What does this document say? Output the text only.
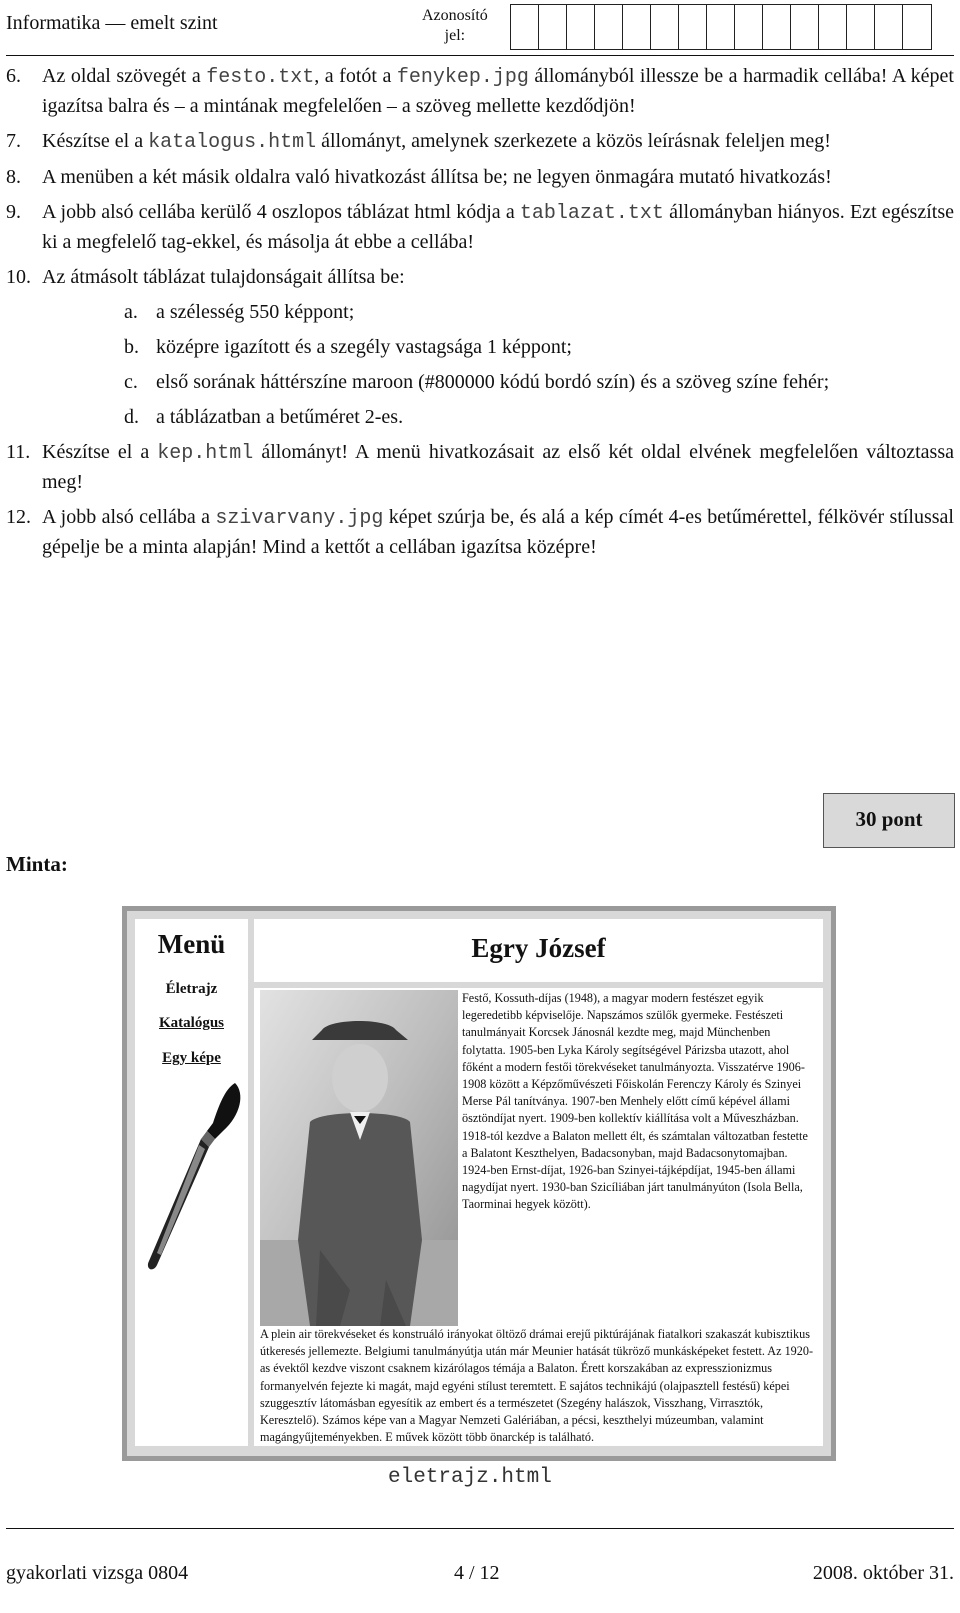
Informatika — emelt szint	Azonosító
jel:
6. Az oldal szövegét a festo.txt, a fotót a fenykep.jpg állományból illessze be a harmadik cellába! A képet igazítsa balra és – a mintának megfelelően – a szöveg mellette kezdődjön!
7. Készítse el a katalogus.html állományt, amelynek szerkezete a közös leírásnak feleljen meg!
8. A menüben a két másik oldalra való hivatkozást állítsa be; ne legyen önmagára mutató hivatkozás!
9. A jobb alsó cellába kerülő 4 oszlopos táblázat html kódja a tablazat.txt állományban hiányos. Ezt egészítse ki a megfelelő tag-ekkel, és másolja át ebbe a cellába!
10. Az átmásolt táblázat tulajdonságait állítsa be:
a. a szélesség 550 képpont;
b. középre igazított és a szegély vastagsága 1 képpont;
c. első sorának háttérszíne maroon (#800000 kódú bordó szín) és a szöveg színe fehér;
d. a táblázatban a betűméret 2-es.
11. Készítse el a kep.html állományt! A menü hivatkozásait az első két oldal elvének megfelelően változtassa meg!
12. A jobb alsó cellába a szivarvany.jpg képet szúrja be, és alá a kép címét 4-es betűmérettel, félkövér stílussal gépelje be a minta alapján! Mind a kettőt a cellában igazítsa középre!
30 pont
Minta:
Menü
Életrajz
Katalógus
Egy képe
Egry József
Festő, Kossuth-díjas (1948), a magyar modern festészet egyik legeredetibb képviselője. Napszámos szülők gyermeke. Festészeti tanulmányait Korcsek Jánosnál kezdte meg, majd Münchenben folytatta. 1905-ben Lyka Károly segítségével Párizsba utazott, ahol főként a modern festői törekvéseket tanulmányozta. Visszatérve 1906-1908 között a Képzőművészeti Főiskolán Ferenczy Károly és Szinyei Merse Pál tanítványa. 1907-ben Menhely előtt című képével állami ösztöndíjat nyert. 1909-ben kollektív kiállítása volt a Műveszházban. 1918-tól kezdve a Balaton mellett élt, és számtalan változatban festette a Balatont Keszthelyen, Badacsonyban, majd Badacsonytomajban. 1924-ben Ernst-díjat, 1926-ban Szinyei-tájképdíjat, 1945-ben állami nagydíjat nyert. 1930-ban Szicíliában járt tanulmányúton (Isola Bella, Taorminai hegyek között).
A plein air törekvéseket és konstruáló irányokat öltöző drámai erejű piktúrájának fiatalkori szakaszát kubisztikus útkeresés jellemezte. Belgiumi tanulmányútja után már Meunier hatását tükröző munkásképeket festett. Az 1920-as évektől kezdve viszont csaknem kizárólagos témája a Balaton. Érett korszakában az expresszionizmus formanyelvén fejezte ki magát, majd egyéni stílust teremtett. E sajátos technikájú (olajpasztell festésű) képei szuggesztív látomásban egyesítik az embert és a természetet (Szegény halászok, Visszhang, Virrasztók, Keresztelő). Számos képe van a Magyar Nemzeti Galériában, a pécsi, keszthelyi múzeumban, valamint magángyűjteményekben. E művek között több önarckép is található.
eletrajz.html
gyakorlati vizsga 0804	4 / 12	2008. október 31.
